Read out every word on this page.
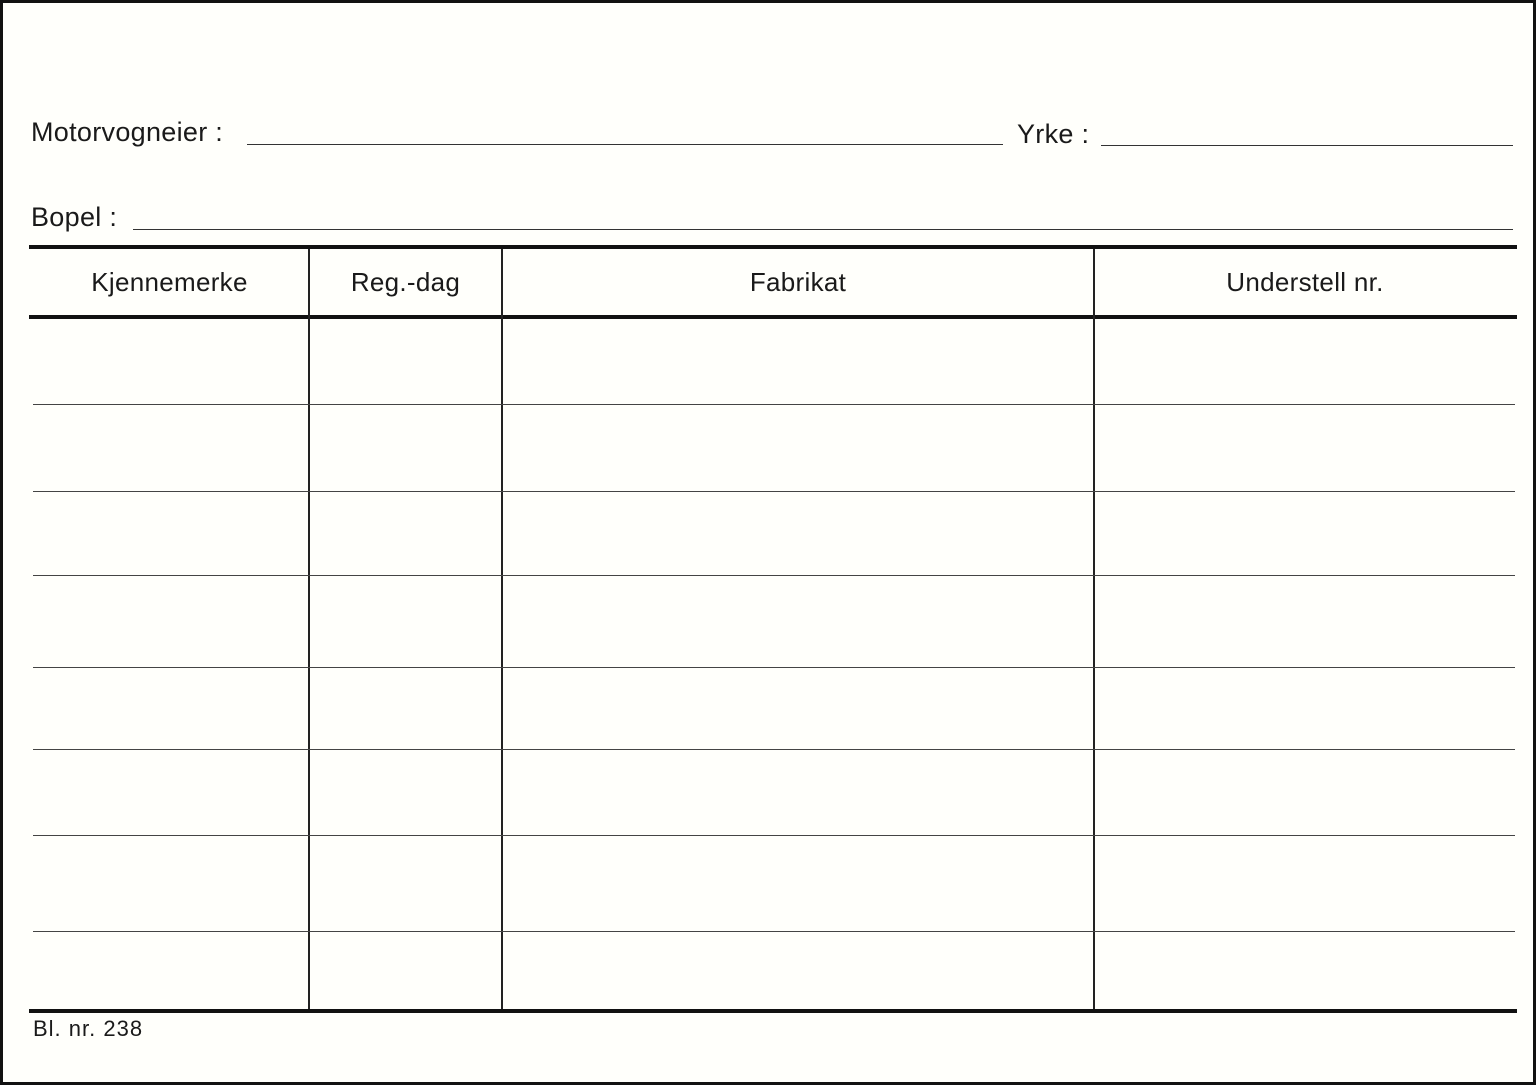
Motorvogneier :	Yrke :
Bopel :
Kjennemerke	Reg.-dag	Fabrikat	Understell nr.
Bl. nr. 238
